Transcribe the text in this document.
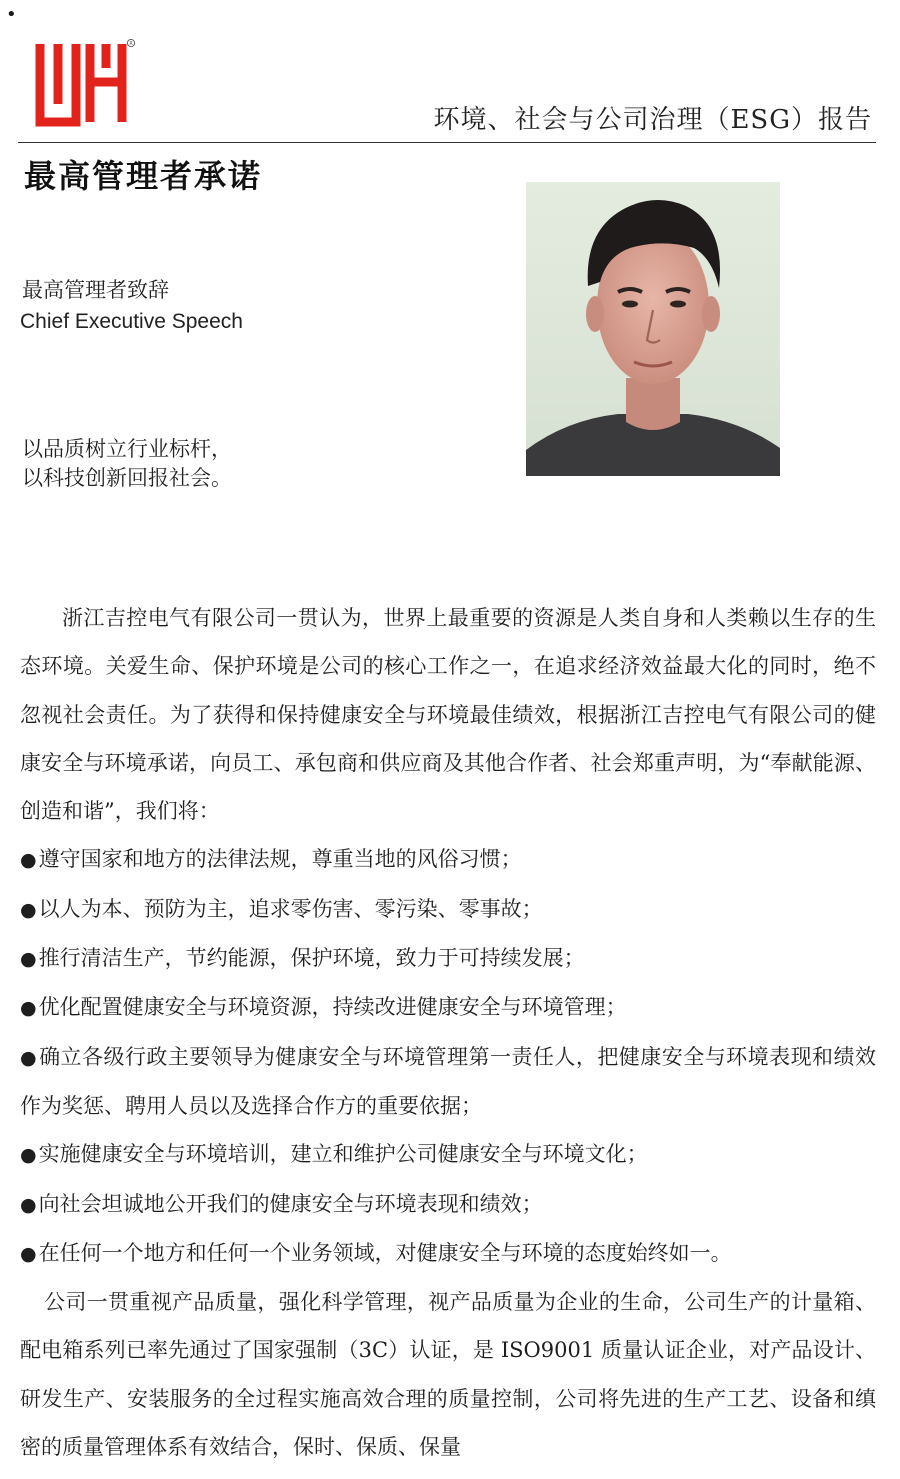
•
R
环境、社会与公司治理（ESG）报告
最高管理者承诺
最高管理者致辞
Chief Executive Speech
以品质树立行业标杆，
以科技创新回报社会。
浙江吉控电气有限公司一贯认为，世界上最重要的资源是人类自身和人类赖以生存的生态环境。关爱生命、保护环境是公司的核心工作之一，在追求经济效益最大化的同时，绝不忽视社会责任。为了获得和保持健康安全与环境最佳绩效，根据浙江吉控电气有限公司的健康安全与环境承诺，向员工、承包商和供应商及其他合作者、社会郑重声明，为“奉献能源、创造和谐”，我们将：
●遵守国家和地方的法律法规，尊重当地的风俗习惯；
●以人为本、预防为主，追求零伤害、零污染、零事故；
●推行清洁生产，节约能源，保护环境，致力于可持续发展；
●优化配置健康安全与环境资源，持续改进健康安全与环境管理；
●确立各级行政主要领导为健康安全与环境管理第一责任人，把健康安全与环境表现和绩效作为奖惩、聘用人员以及选择合作方的重要依据；
●实施健康安全与环境培训，建立和维护公司健康安全与环境文化；
●向社会坦诚地公开我们的健康安全与环境表现和绩效；
●在任何一个地方和任何一个业务领域，对健康安全与环境的态度始终如一。
公司一贯重视产品质量，强化科学管理，视产品质量为企业的生命，公司生产的计量箱、配电箱系列已率先通过了国家强制（3C）认证，是 ISO9001 质量认证企业，对产品设计、研发生产、安装服务的全过程实施高效合理的质量控制，公司将先进的生产工艺、设备和缜密的质量管理体系有效结合，保时、保质、保量
